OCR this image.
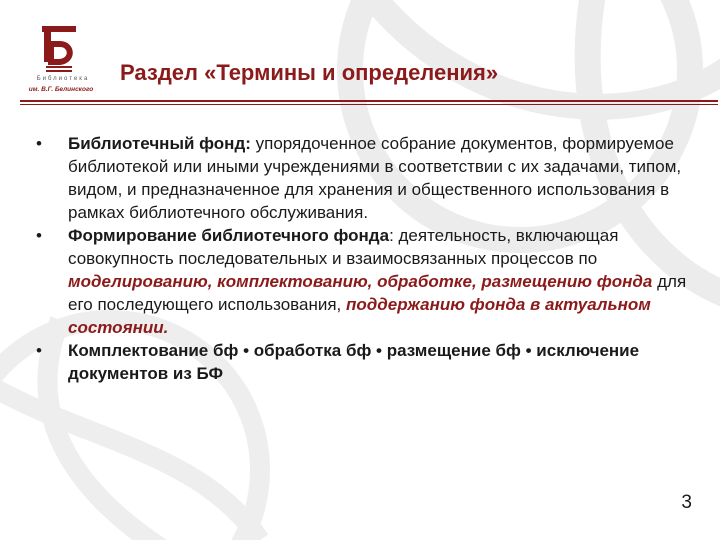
Библиотека
им. В.Г. Белинского
Раздел «Термины и определения»
• Библиотечный фонд: упорядоченное собрание документов, формируемое библиотекой или иными учреждениями в соответствии с их задачами, типом, видом, и предназначенное для хранения и общественного использования в рамках библиотечного обслуживания.
• Формирование библиотечного фонда: деятельность, включающая совокупность последовательных и взаимосвязанных процессов по моделированию, комплектованию, обработке, размещению фонда для его последующего использования, поддержанию фонда в актуальном состоянии.
• Комплектование бф • обработка бф • размещение бф • исключение документов из БФ
3
